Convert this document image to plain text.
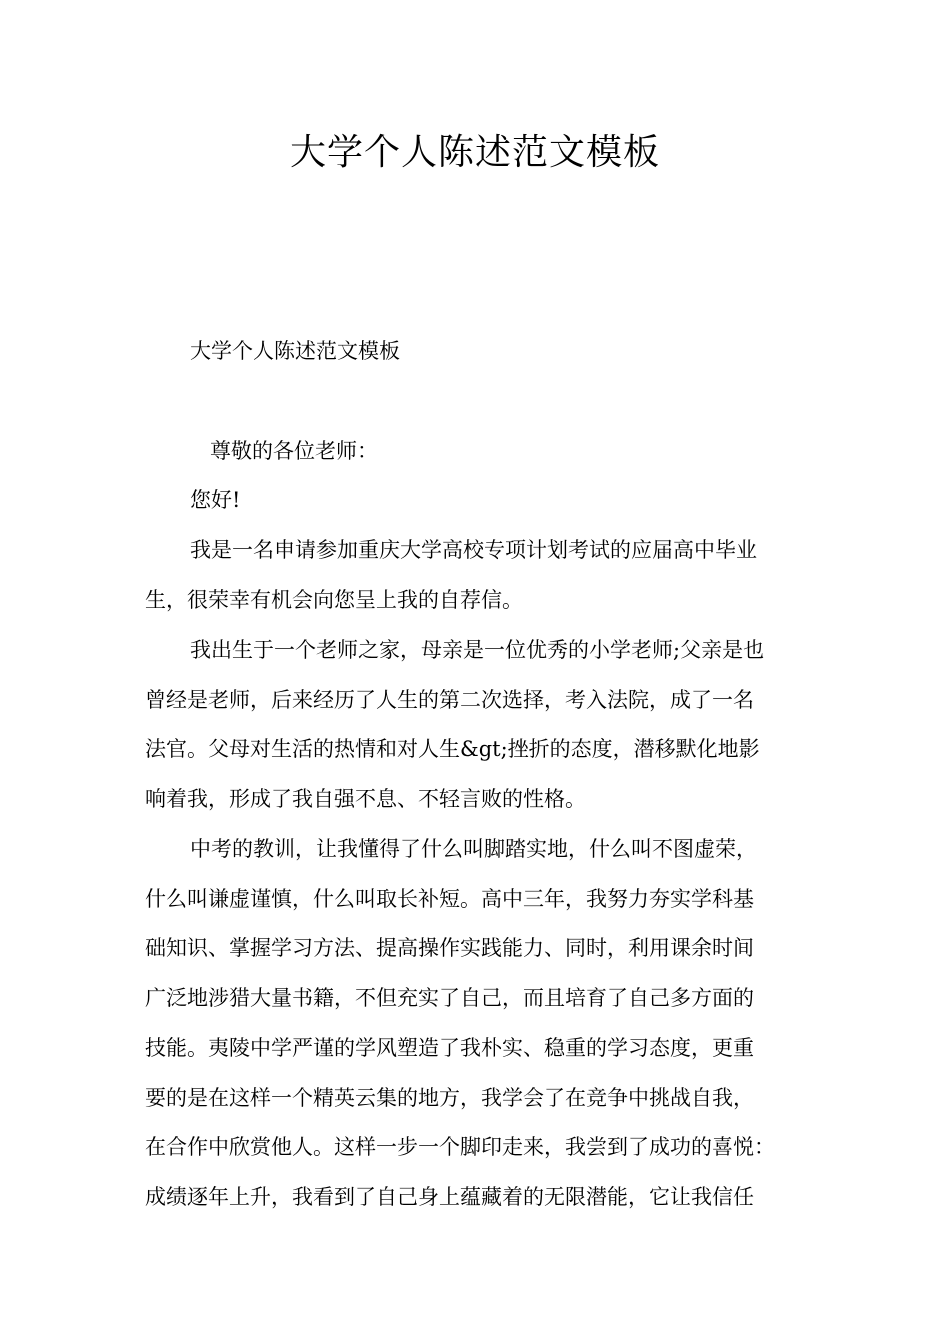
大学个人陈述范文模板
大学个人陈述范文模板
尊敬的各位老师：
您好!
我是一名申请参加重庆大学高校专项计划考试的应届高中毕业
生，很荣幸有机会向您呈上我的自荐信。
我出生于一个老师之家，母亲是一位优秀的小学老师;父亲是也
曾经是老师，后来经历了人生的第二次选择，考入法院，成了一名
法官。父母对生活的热情和对人生&gt;挫折的态度，潜移默化地影
响着我，形成了我自强不息、不轻言败的性格。
中考的教训，让我懂得了什么叫脚踏实地，什么叫不图虚荣，
什么叫谦虚谨慎，什么叫取长补短。高中三年，我努力夯实学科基
础知识、掌握学习方法、提高操作实践能力、同时，利用课余时间
广泛地涉猎大量书籍，不但充实了自己，而且培育了自己多方面的
技能。夷陵中学严谨的学风塑造了我朴实、稳重的学习态度，更重
要的是在这样一个精英云集的地方，我学会了在竞争中挑战自我，
在合作中欣赏他人。这样一步一个脚印走来，我尝到了成功的喜悦：
成绩逐年上升，我看到了自己身上蕴藏着的无限潜能，它让我信任
